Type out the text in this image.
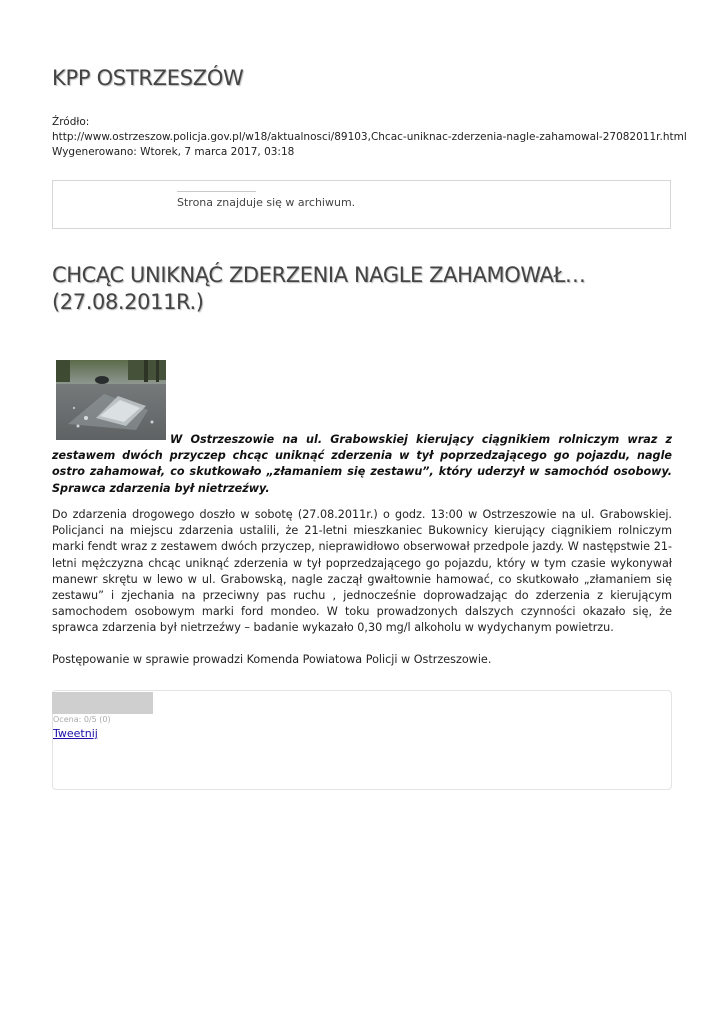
KPP OSTRZESZÓW
Źródło:
http://www.ostrzeszow.policja.gov.pl/w18/aktualnosci/89103,Chcac-uniknac-zderzenia-nagle-zahamowal-27082011r.html
Wygenerowano: Wtorek, 7 marca 2017, 03:18
Strona znajduje się w archiwum.
CHCĄC UNIKNĄĆ ZDERZENIA NAGLE ZAHAMOWAŁ… (27.08.2011R.)

W Ostrzeszowie na ul. Grabowskiej kierujący ciągnikiem rolniczym wraz z zestawem dwóch przyczep chcąc uniknąć zderzenia w tył poprzedzającego go pojazdu, nagle ostro zahamował, co skutkowało „złamaniem się zestawu”, który uderzył w samochód osobowy. Sprawca zdarzenia był nietrzeźwy.

Do zdarzenia drogowego doszło w sobotę (27.08.2011r.) o godz. 13:00 w Ostrzeszowie na ul. Grabowskiej. Policjanci na miejscu zdarzenia ustalili, że 21-letni mieszkaniec Bukownicy kierujący ciągnikiem rolniczym marki fendt wraz z zestawem dwóch przyczep, nieprawidłowo obserwował przedpole jazdy. W następstwie 21-letni mężczyzna chcąc uniknąć zderzenia w tył poprzedzającego go pojazdu, który w tym czasie wykonywał manewr skrętu w lewo w ul. Grabowską, nagle zaczął gwałtownie hamować, co skutkowało „złamaniem się zestawu” i zjechania na przeciwny pas ruchu , jednocześnie doprowadzając do zderzenia z kierującym samochodem osobowym marki ford mondeo. W toku prowadzonych dalszych czynności okazało się, że sprawca zdarzenia był nietrzeźwy – badanie wykazało 0,30 mg/l alkoholu w wydychanym powietrzu.

Postępowanie w sprawie prowadzi Komenda Powiatowa Policji w Ostrzeszowie.

Ocena: 0/5 (0)
Tweetnij
